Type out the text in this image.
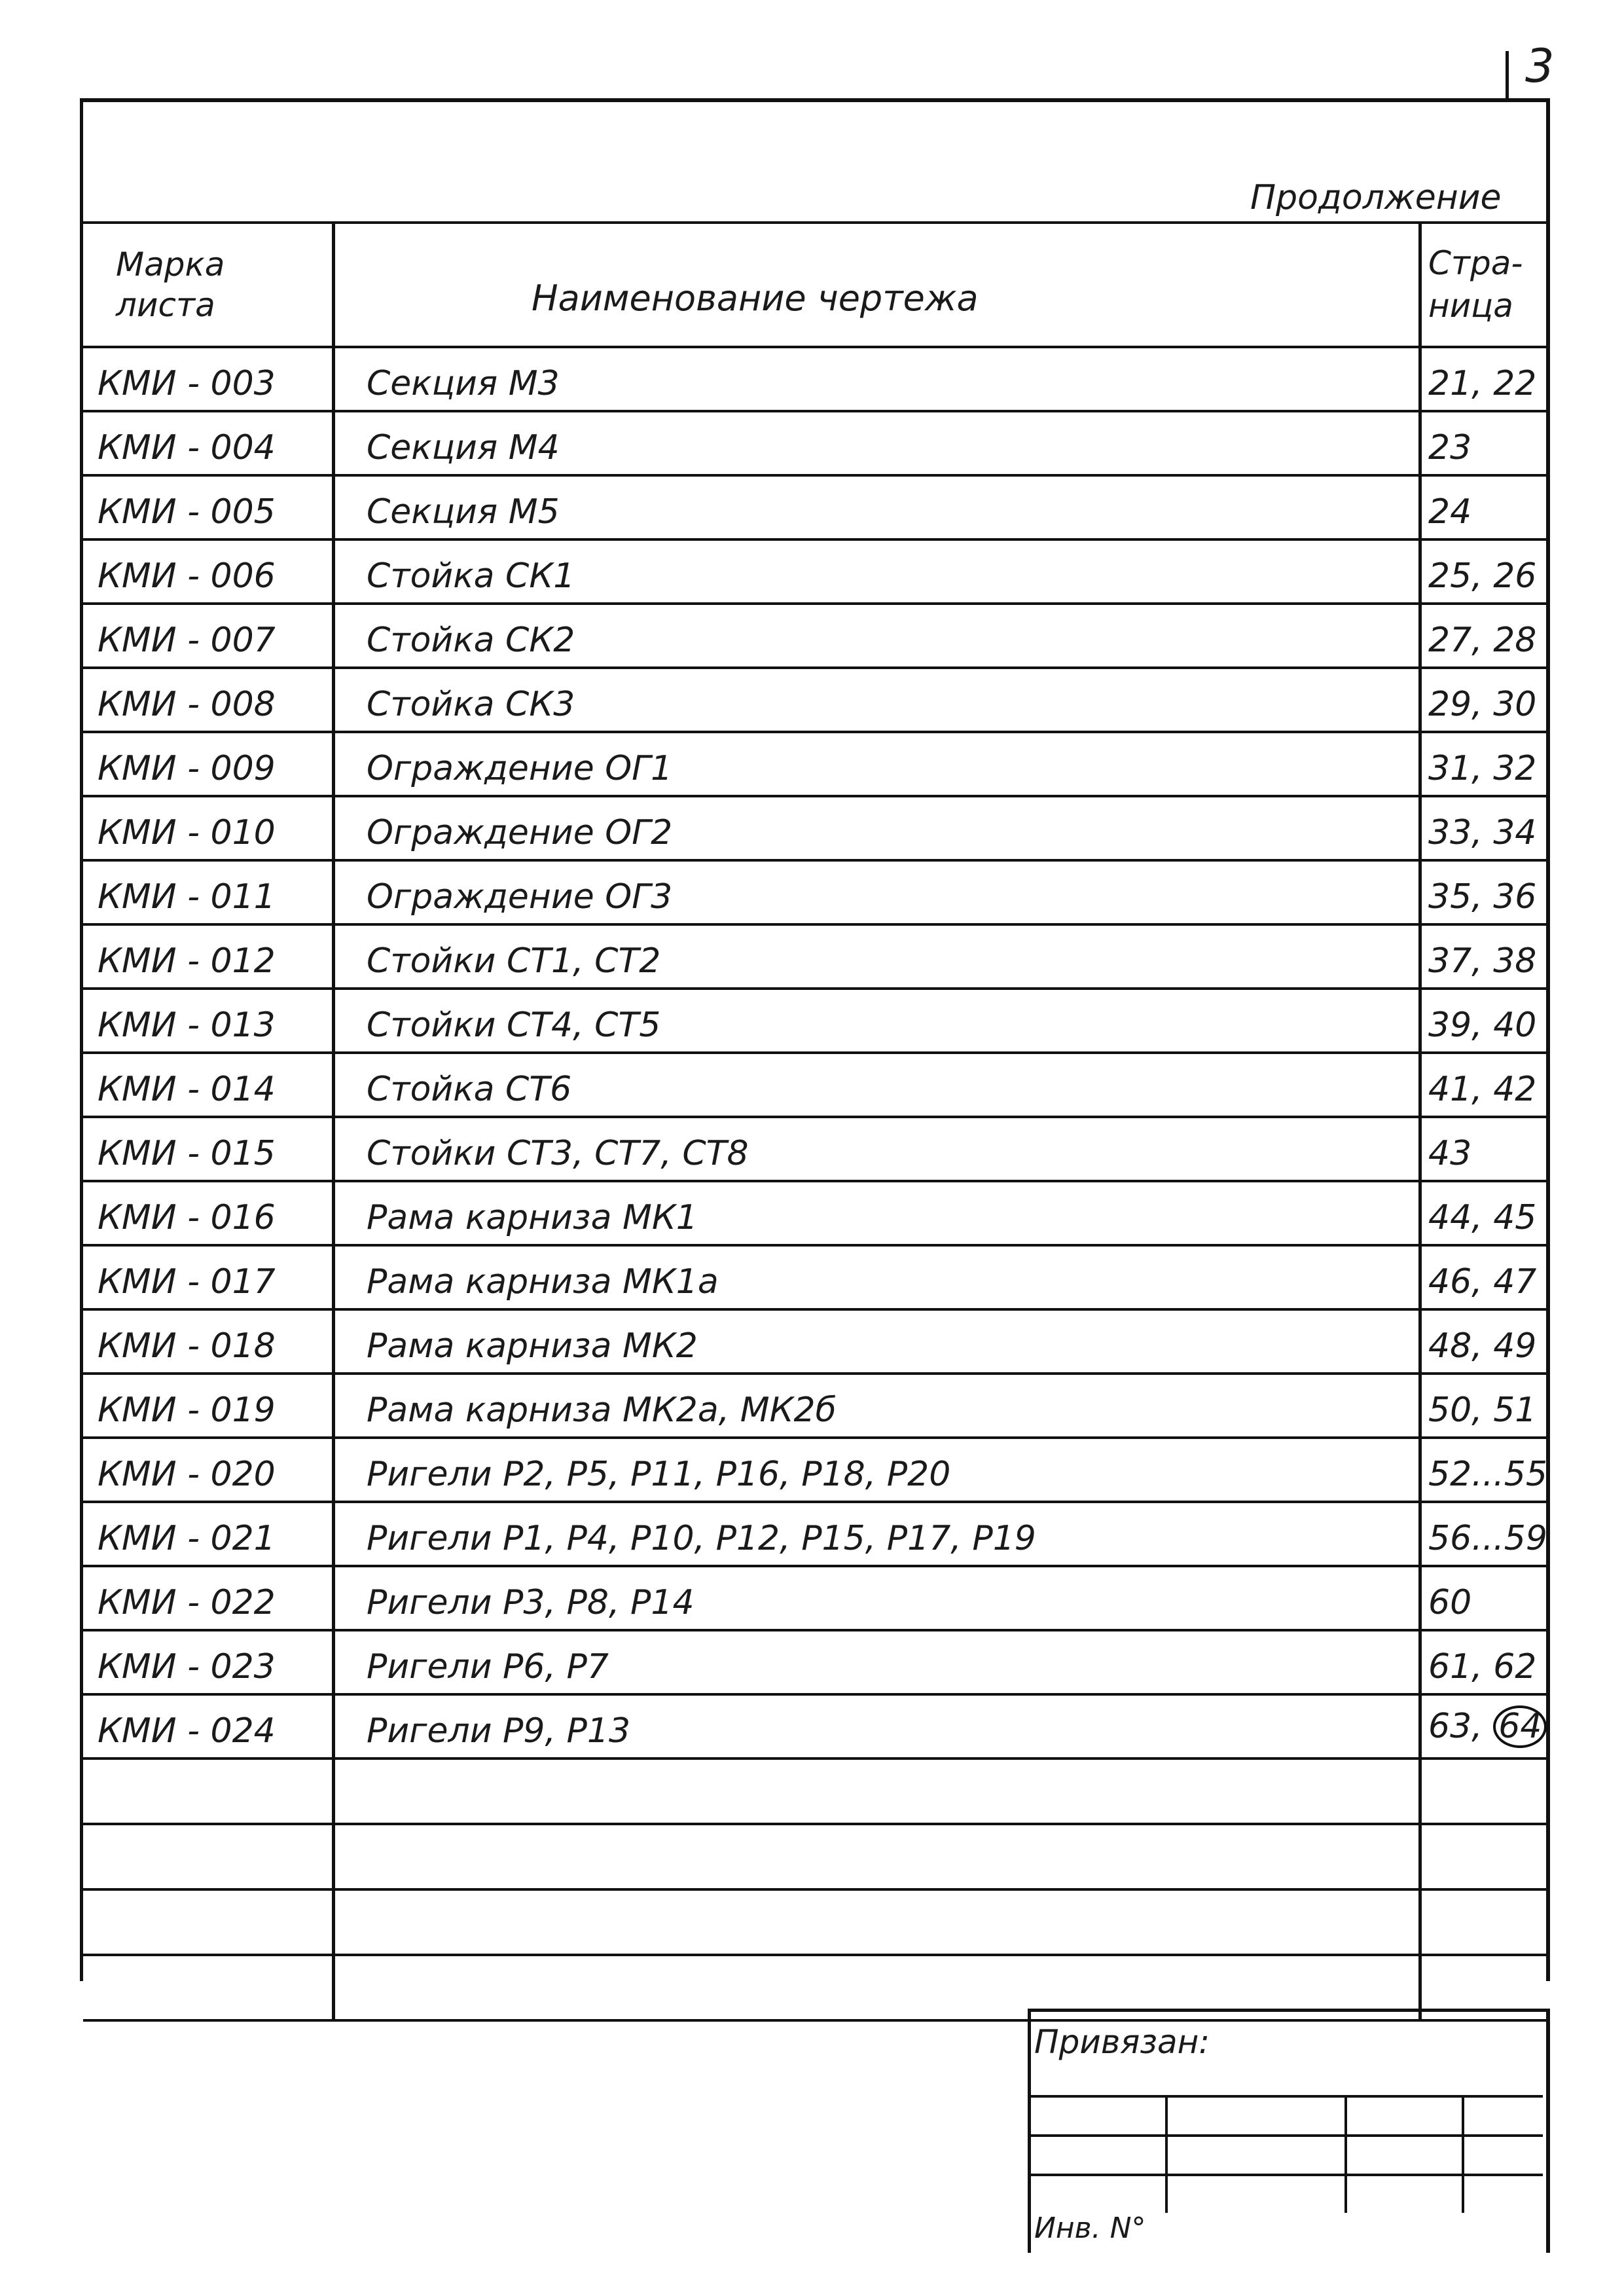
3
Продолжение
Марка
листа	Наименование чертежа	Стра-
ница

КМИ - 003	Секция М3	21, 22

КМИ - 004	Секция М4	23

КМИ - 005	Секция М5	24

КМИ - 006	Стойка СК1	25, 26

КМИ - 007	Стойка СК2	27, 28

КМИ - 008	Стойка СК3	29, 30

КМИ - 009	Ограждение ОГ1	31, 32

КМИ - 010	Ограждение ОГ2	33, 34

КМИ - 011	Ограждение ОГ3	35, 36

КМИ - 012	Стойки СТ1, СТ2	37, 38

КМИ - 013	Стойки СТ4, СТ5	39, 40

КМИ - 014	Стойка СТ6	41, 42

КМИ - 015	Стойки СТ3, СТ7, СТ8	43

КМИ - 016	Рама карниза МК1	44, 45

КМИ - 017	Рама карниза МК1а	46, 47

КМИ - 018	Рама карниза МК2	48, 49

КМИ - 019	Рама карниза МК2а, МК2б	50, 51

КМИ - 020	Ригели Р2, Р5, Р11, Р16, Р18, Р20	52...55

КМИ - 021	Ригели Р1, Р4, Р10, Р12, Р15, Р17, Р19	56...59

КМИ - 022	Ригели Р3, Р8, Р14	60

КМИ - 023	Ригели Р6, Р7	61, 62

КМИ - 024	Ригели Р9, Р13	63, 64

Привязан:

Инв. N°
